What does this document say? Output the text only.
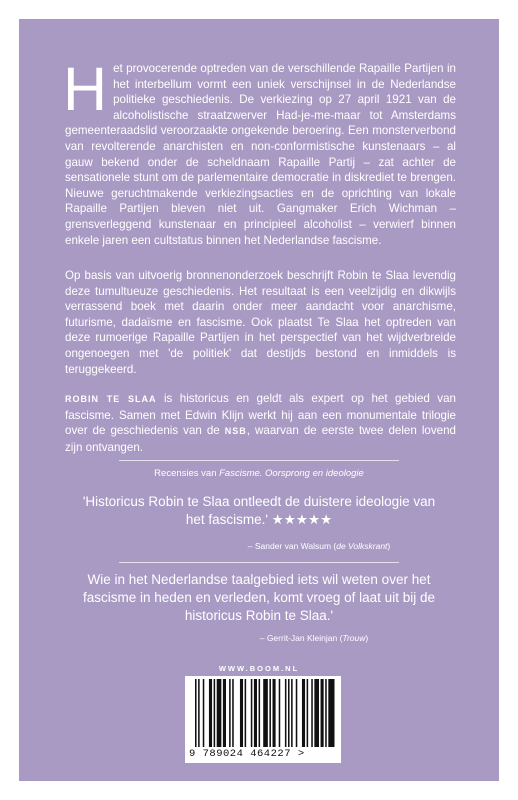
Het provocerende optreden van de verschillende Rapaille Partijen in het interbellum vormt een uniek verschijnsel in de Nederlandse politieke geschiedenis. De verkiezing op 27 april 1921 van de alcoholistische straatzwerver Had-je-me-maar tot Amsterdams gemeenteraadslid veroorzaakte ongekende beroering. Een monsterverbond van revolterende anarchisten en non-conformistische kunstenaars – al gauw bekend onder de scheldnaam Rapaille Partij – zat achter de sensationele stunt om de parlementaire democratie in diskrediet te brengen. Nieuwe geruchtmakende verkiezingsacties en de oprichting van lokale Rapaille Partijen bleven niet uit. Gangmaker Erich Wichman – grensverleggend kunstenaar en principieel alcoholist – verwierf binnen enkele jaren een cultstatus binnen het Nederlandse fascisme.
Op basis van uitvoerig bronnenonderzoek beschrijft Robin te Slaa levendig deze tumultueuze geschiedenis. Het resultaat is een veelzijdig en dikwijls verrassend boek met daarin onder meer aandacht voor anarchisme, futurisme, dadaïsme en fascisme. Ook plaatst Te Slaa het optreden van deze rumoerige Rapaille Partijen in het perspectief van het wijdverbreide ongenoegen met 'de politiek' dat destijds bestond en inmiddels is teruggekeerd.
ROBIN TE SLAA is historicus en geldt als expert op het gebied van fascisme. Samen met Edwin Klijn werkt hij aan een monumentale trilogie over de geschiedenis van de NSB, waarvan de eerste twee delen lovend zijn ontvangen.
Recensies van Fascisme. Oorsprong en ideologie
'Historicus Robin te Slaa ontleedt de duistere ideologie van het fascisme.' ★★★★★
– Sander van Walsum (de Volkskrant)
Wie in het Nederlandse taalgebied iets wil weten over het fascisme in heden en verleden, komt vroeg of laat uit bij de historicus Robin te Slaa.'
– Gerrit-Jan Kleinjan (Trouw)
WWW.BOOM.NL
9 789024 464227 >
